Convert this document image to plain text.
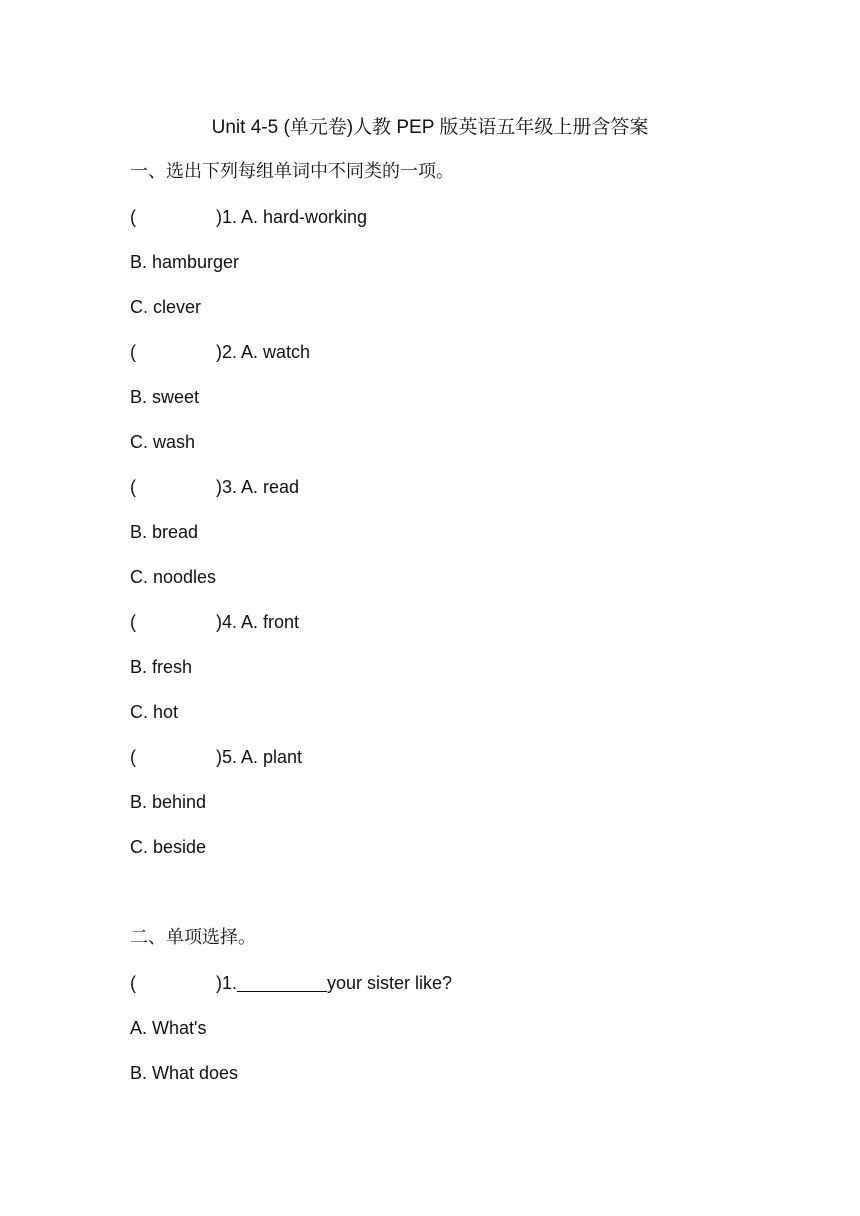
Unit 4-5 (单元卷)人教 PEP 版英语五年级上册含答案
一、选出下列每组单词中不同类的一项。
(	)1. A. hard-working
B. hamburger
C. clever
(	)2. A. watch
B. sweet
C. wash
(	)3. A. read
B. bread
C. noodles
(	)4. A. front
B. fresh
C. hot
(	)5. A. plant
B. behind
C. beside
二、单项选择。
(	)1.	your sister like?
A. What's
B. What does
